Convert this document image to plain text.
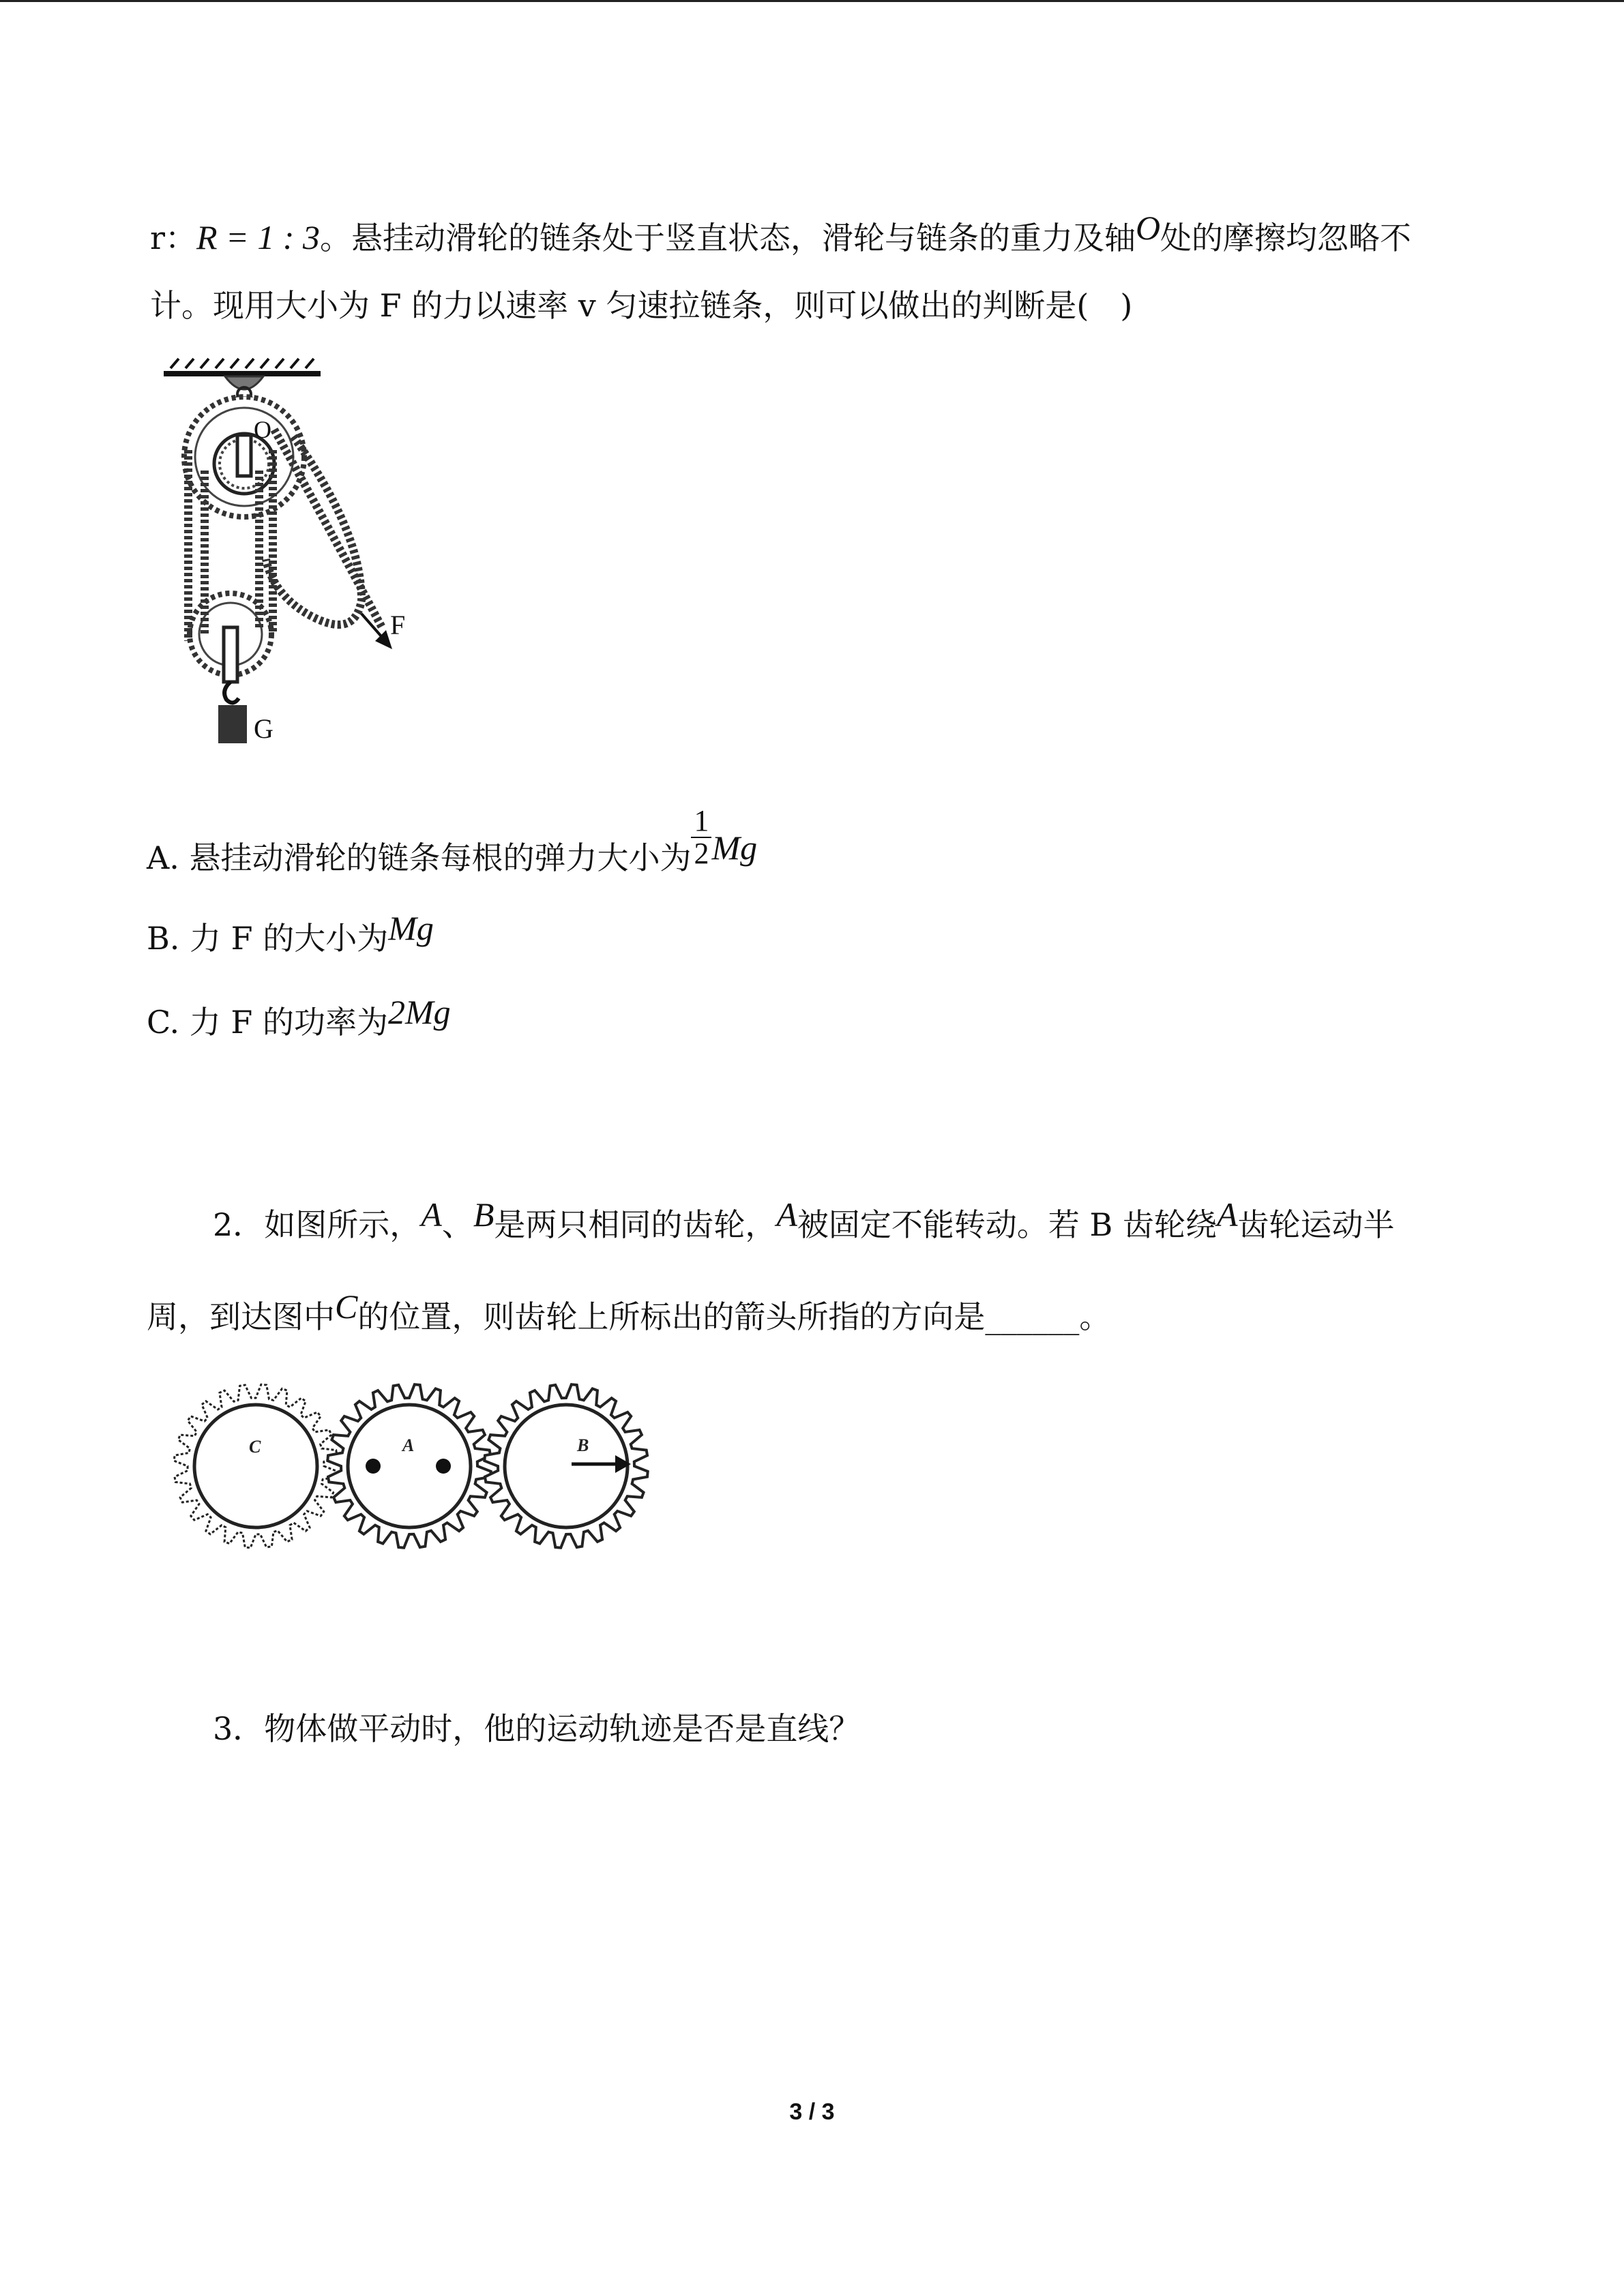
r：R = 1 : 3。悬挂动滑轮的链条处于竖直状态，滑轮与链条的重力及轴O处的摩擦均忽略不
计。现用大小为 F 的力以速率 v 匀速拉链条，则可以做出的判断是(　)
O
F
G
A. 悬挂动滑轮的链条每根的弹力大小为 $\frac{1}{2}$ Mg
B. 力 F 的大小为Mg
C. 力 F 的功率为2Mg
2．如图所示，A、B是两只相同的齿轮，A被固定不能转动。若 B 齿轮绕A齿轮运动半
周，到达图中C的位置，则齿轮上所标出的箭头所指的方向是______。
C	A	B
3．物体做平动时，他的运动轨迹是否是直线？
3 / 3
